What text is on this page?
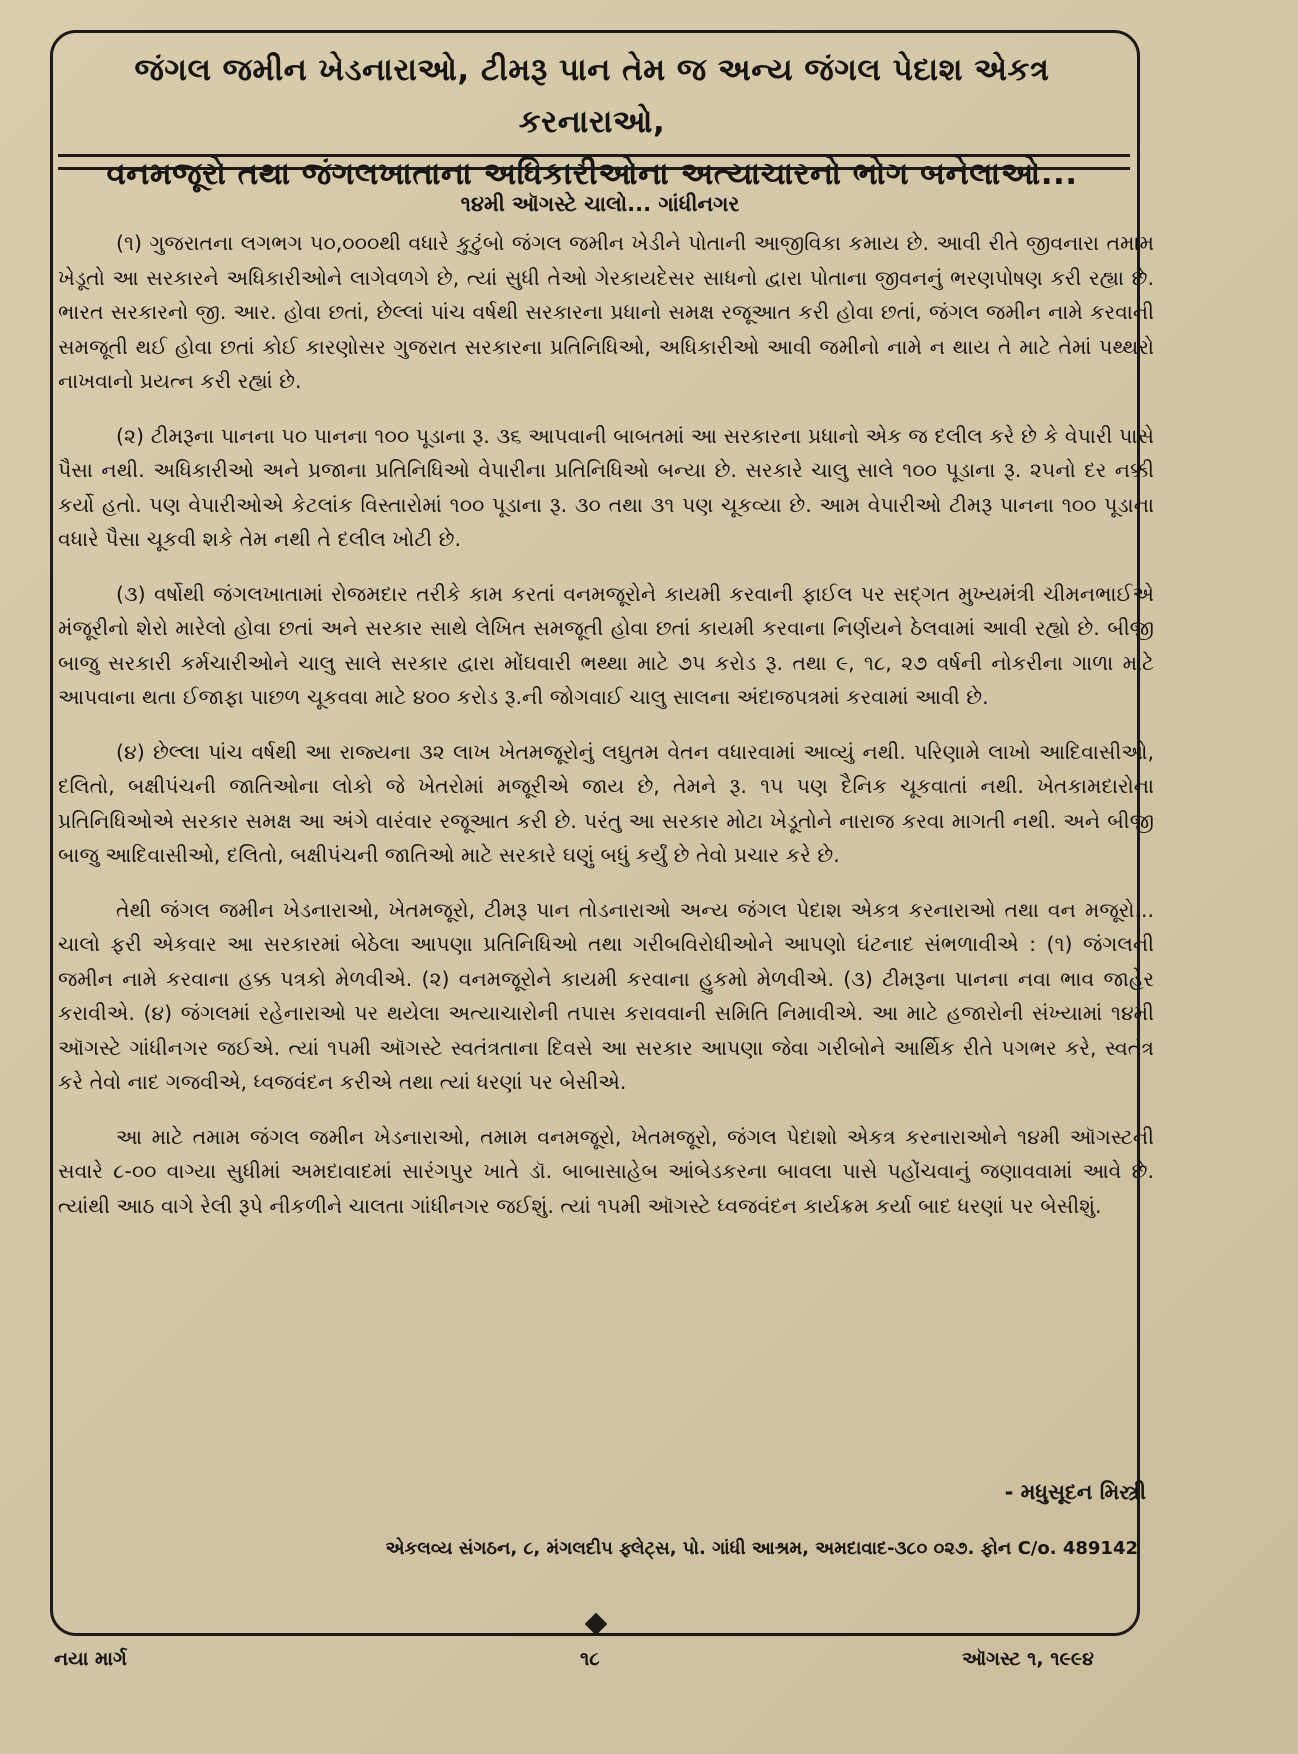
જંગલ જમીન ખેડનારાઓ, ટીમરૂ પાન તેમ જ અન્ય જંગલ પેદાશ એકત્ર કરનારાઓ,
વનમજૂરો તથા જંગલખાતાના અધિકારીઓના અત્યાચારનો ભોગ બનેલાઓ...
૧૪મી ઑગસ્ટે ચાલો... ગાંધીનગર

(૧) ગુજરાતના લગભગ ૫૦,૦૦૦થી વધારે કુટુંબો જંગલ જમીન ખેડીને પોતાની આજીવિકા કમાય છે. આવી રીતે જીવનારા તમામ ખેડૂતો આ સરકારને અધિકારીઓને લાગેવળગે છે, ત્યાં સુધી તેઓ ગેરકાયદેસર સાધનો દ્વારા પોતાના જીવનનું ભરણપોષણ કરી રહ્યા છે. ભારત સરકારનો જી. આર. હોવા છતાં, છેલ્લાં પાંચ વર્ષથી સરકારના પ્રધાનો સમક્ષ રજૂઆત કરી હોવા છતાં, જંગલ જમીન નામે કરવાની સમજૂતી થઈ હોવા છતાં કોઈ કારણોસર ગુજરાત સરકારના પ્રતિનિધિઓ, અધિકારીઓ આવી જમીનો નામે ન થાય તે માટે તેમાં પથ્થરો નાખવાનો પ્રયત્ન કરી રહ્યાં છે.

(૨) ટીમરૂના પાનના ૫૦ પાનના ૧૦૦ પૂડાના રૂ. ૩૬ આપવાની બાબતમાં આ સરકારના પ્રધાનો એક જ દલીલ કરે છે કે વેપારી પાસે પૈસા નથી. અધિકારીઓ અને પ્રજાના પ્રતિનિધિઓ વેપારીના પ્રતિનિધિઓ બન્યા છે. સરકારે ચાલુ સાલે ૧૦૦ પૂડાના રૂ. ૨૫નો દર નક્કી કર્યો હતો. પણ વેપારીઓએ કેટલાંક વિસ્તારોમાં ૧૦૦ પૂડાના રૂ. ૩૦ તથા ૩૧ પણ ચૂકવ્યા છે. આમ વેપારીઓ ટીમરૂ પાનના ૧૦૦ પૂડાના વધારે પૈસા ચૂકવી શકે તેમ નથી તે દલીલ ખોટી છે.

(૩) વર્ષોથી જંગલખાતામાં રોજમદાર તરીકે કામ કરતાં વનમજૂરોને કાયમી કરવાની ફાઈલ પર સદ્ગત મુખ્યમંત્રી ચીમનભાઈએ મંજૂરીનો શેરો મારેલો હોવા છતાં અને સરકાર સાથે લેખિત સમજૂતી હોવા છતાં કાયમી કરવાના નિર્ણયને ઠેલવામાં આવી રહ્યો છે. બીજી બાજુ સરકારી કર્મચારીઓને ચાલુ સાલે સરકાર દ્વારા મોંઘવારી ભથ્થા માટે ૭૫ કરોડ રૂ. તથા ૯, ૧૮, ૨૭ વર્ષની નોકરીના ગાળા માટે આપવાના થતા ઈજાફા પાછળ ચૂકવવા માટે ૪૦૦ કરોડ રૂ.ની જોગવાઈ ચાલુ સાલના અંદાજપત્રમાં કરવામાં આવી છે.

(૪) છેલ્લા પાંચ વર્ષથી આ રાજ્યના ૩૨ લાખ ખેતમજૂરોનું લઘુતમ વેતન વધારવામાં આવ્યું નથી. પરિણામે લાખો આદિવાસીઓ, દલિતો, બક્ષીપંચની જાતિઓના લોકો જે ખેતરોમાં મજૂરીએ જાય છે, તેમને રૂ. ૧૫ પણ દૈનિક ચૂકવાતાં નથી. ખેતકામદારોના પ્રતિનિધિઓએ સરકાર સમક્ષ આ અંગે વારંવાર રજૂઆત કરી છે. પરંતુ આ સરકાર મોટા ખેડૂતોને નારાજ કરવા માગતી નથી. અને બીજી બાજુ આદિવાસીઓ, દલિતો, બક્ષીપંચની જાતિઓ માટે સરકારે ઘણું બધું કર્યું છે તેવો પ્રચાર કરે છે.

તેથી જંગલ જમીન ખેડનારાઓ, ખેતમજૂરો, ટીમરૂ પાન તોડનારાઓ અન્ય જંગલ પેદાશ એકત્ર કરનારાઓ તથા વન મજૂરો... ચાલો ફરી એકવાર આ સરકારમાં બેઠેલા આપણા પ્રતિનિધિઓ તથા ગરીબવિરોધીઓને આપણો ઘંટનાદ સંભળાવીએ : (૧) જંગલની જમીન નામે કરવાના હક્ક પત્રકો મેળવીએ. (૨) વનમજૂરોને કાયમી કરવાના હુકમો મેળવીએ. (૩) ટીમરૂના પાનના નવા ભાવ જાહેર કરાવીએ. (૪) જંગલમાં રહેનારાઓ પર થયેલા અત્યાચારોની તપાસ કરાવવાની સમિતિ નિમાવીએ. આ માટે હજારોની સંખ્યામાં ૧૪મી ઑગસ્ટે ગાંધીનગર જઈએ. ત્યાં ૧૫મી ઑગસ્ટે સ્વતંત્રતાના દિવસે આ સરકાર આપણા જેવા ગરીબોને આર્થિક રીતે પગભર કરે, સ્વતંત્ર કરે તેવો નાદ ગજવીએ, ધ્વજવંદન કરીએ તથા ત્યાં ધરણાં પર બેસીએ.

આ માટે તમામ જંગલ જમીન ખેડનારાઓ, તમામ વનમજૂરો, ખેતમજૂરો, જંગલ પેદાશો એકત્ર કરનારાઓને ૧૪મી ઑગસ્ટની સવારે ૮-૦૦ વાગ્યા સુધીમાં અમદાવાદમાં સારંગપુર ખાતે ડૉ. બાબાસાહેબ આંબેડકરના બાવલા પાસે પહોંચવાનું જણાવવામાં આવે છે. ત્યાંથી આઠ વાગે રેલી રૂપે નીકળીને ચાલતા ગાંધીનગર જઈશું. ત્યાં ૧૫મી ઑગસ્ટે ધ્વજવંદન કાર્યક્રમ કર્યા બાદ ધરણાં પર બેસીશું.

- મધુસૂદન મિસ્ત્રી
એકલવ્ય સંગઠન, ૮, મંગલદીપ ફ્લેટ્સ, પો. ગાંધી આશ્રમ, અમદાવાદ-૩૮૦ ૦૨૭. ફોન C/o. 489142
નયા માર્ગ	૧૮	ઑગસ્ટ ૧, ૧૯૯૪
